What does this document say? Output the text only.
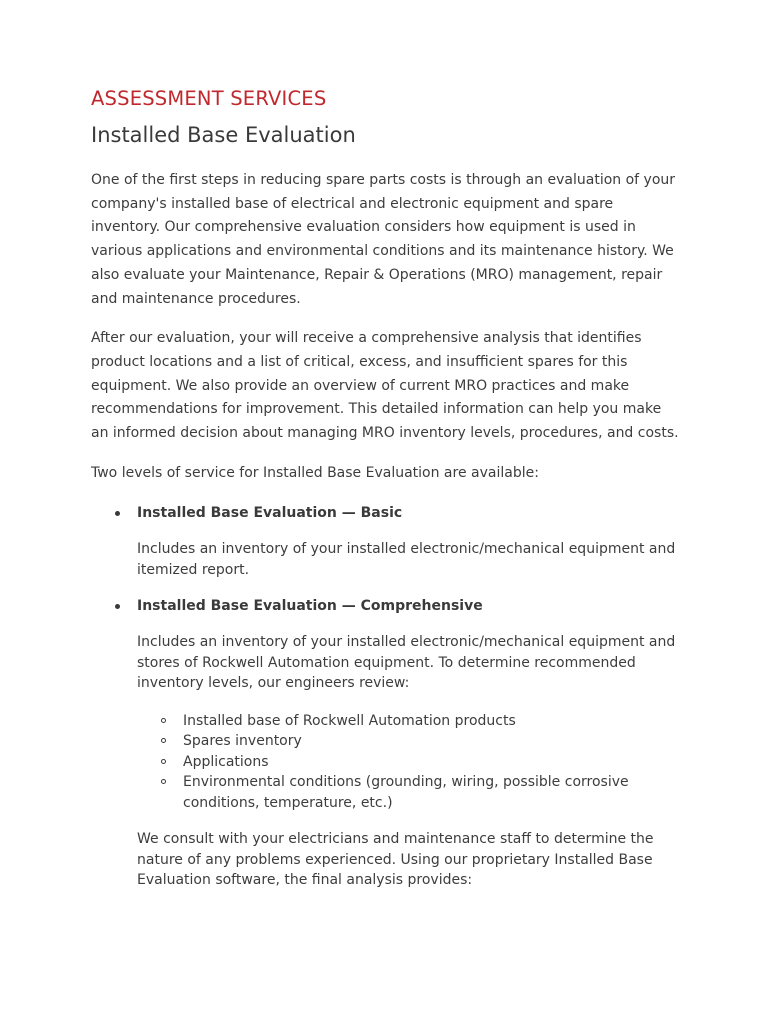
ASSESSMENT SERVICES
Installed Base Evaluation

One of the first steps in reducing spare parts costs is through an evaluation of your company's installed base of electrical and electronic equipment and spare inventory. Our comprehensive evaluation considers how equipment is used in various applications and environmental conditions and its maintenance history. We also evaluate your Maintenance, Repair & Operations (MRO) management, repair and maintenance procedures.

After our evaluation, your will receive a comprehensive analysis that identifies product locations and a list of critical, excess, and insufficient spares for this equipment. We also provide an overview of current MRO practices and make recommendations for improvement. This detailed information can help you make an informed decision about managing MRO inventory levels, procedures, and costs.

Two levels of service for Installed Base Evaluation are available:

Installed Base Evaluation — Basic

Includes an inventory of your installed electronic/mechanical equipment and itemized report.

Installed Base Evaluation — Comprehensive

Includes an inventory of your installed electronic/mechanical equipment and stores of Rockwell Automation equipment. To determine recommended inventory levels, our engineers review:

Installed base of Rockwell Automation products
Spares inventory
Applications
Environmental conditions (grounding, wiring, possible corrosive conditions, temperature, etc.)

We consult with your electricians and maintenance staff to determine the nature of any problems experienced. Using our proprietary Installed Base Evaluation software, the final analysis provides:
